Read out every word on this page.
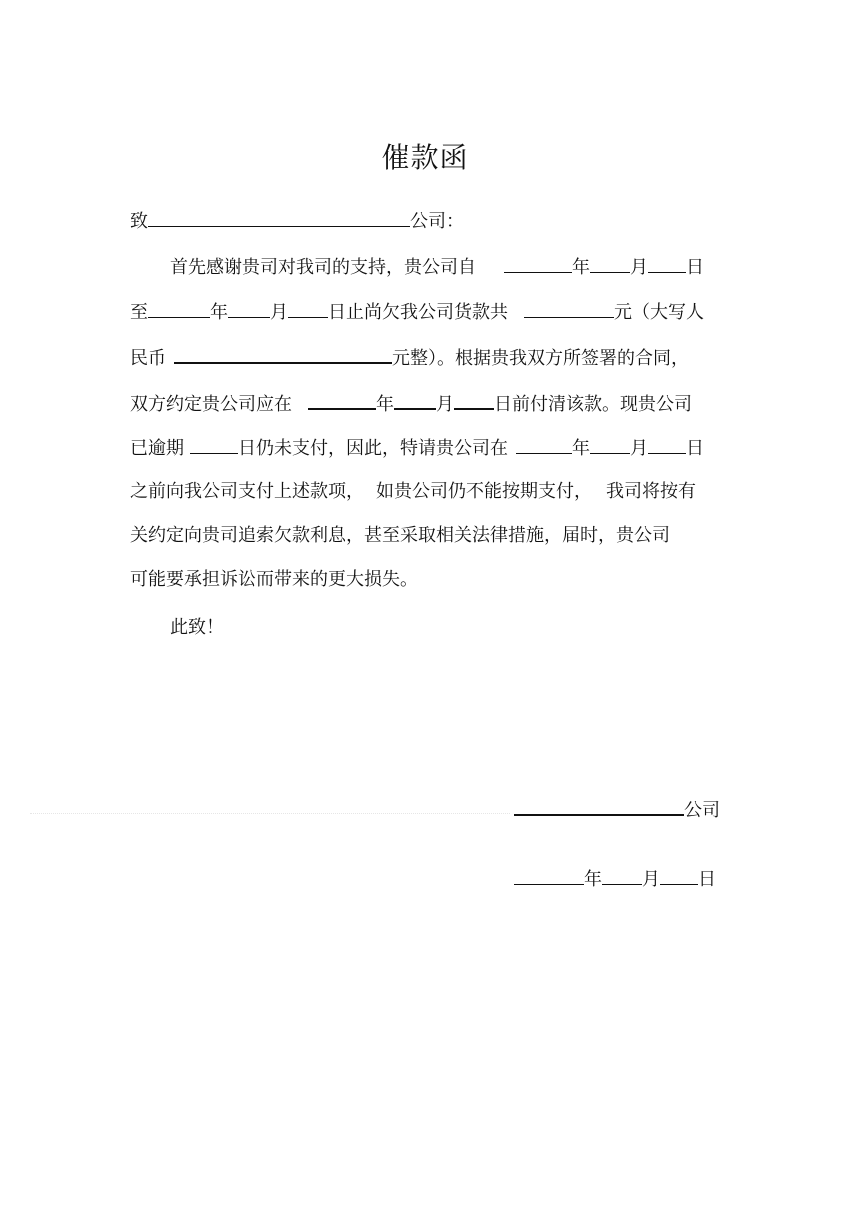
催款函
致	公司：
首先感谢贵司对我司的支持，贵公司自	年 月 日
至	年 月 日止尚欠我公司货款共	元（大写人
民币	元整）。根据贵我双方所签署的合同，
双方约定贵公司应在	年 月 日前付清该款。现贵公司
已逾期	日仍未支付，因此，特请贵公司在	年 月 日
之前向我公司支付上述款项， 如贵公司仍不能按期支付， 我司将按有
关约定向贵司追索欠款利息，甚至采取相关法律措施，届时，贵公司
可能要承担诉讼而带来的更大损失。
此致！
公司
年 月 日
